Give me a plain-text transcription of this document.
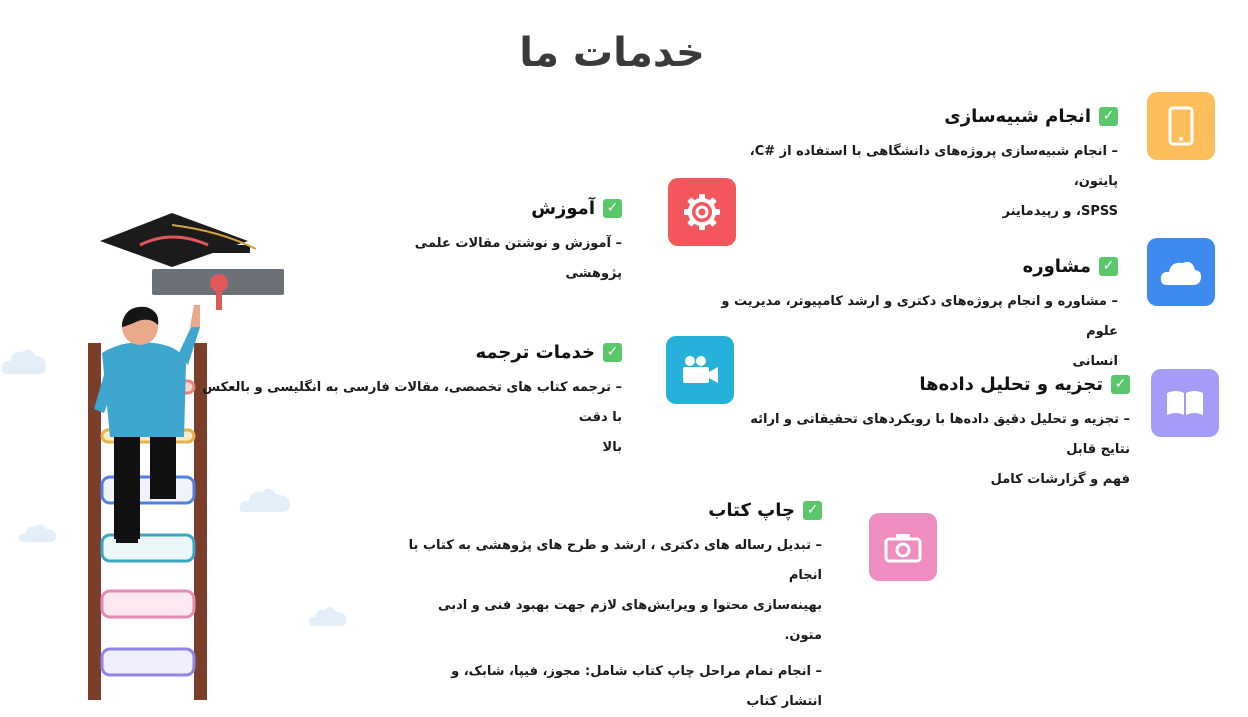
خدمات ما
✓
انجام شبیه‌سازی

– انجام شبیه‌سازی پروژه‌های دانشگاهی با استفاده از #C، پایتون،

SPSS، و رپیدماینر

✓
آموزش

– آموزش و نوشتن مقالات علمی پژوهشی	✓
مشاوره

– مشاوره و انجام پروژه‌های دکتری و ارشد کامپیوتر، مدیریت و علوم

انسانی

✓
خدمات ترجمه

– ترجمه کتاب های تخصصی، مقالات فارسی به انگلیسی و بالعکس با دقت

بالا

✓
تجزیه و تحلیل داده‌ها

– تجزیه و تحلیل دقیق داده‌ها با رویکردهای تحقیقاتی و ارائه نتایج قابل

فهم و گزارشات کامل

✓
چاپ کتاب

– تبدیل رساله های دکتری ، ارشد و طرح های پژوهشی به کتاب با انجام

بهینه‌سازی محتوا و ویرایش‌های لازم جهت بهبود فنی و ادبی متون.

– انجام تمام مراحل چاپ کتاب شامل: مجوز، فیپا، شابک، و انتشار کتاب
